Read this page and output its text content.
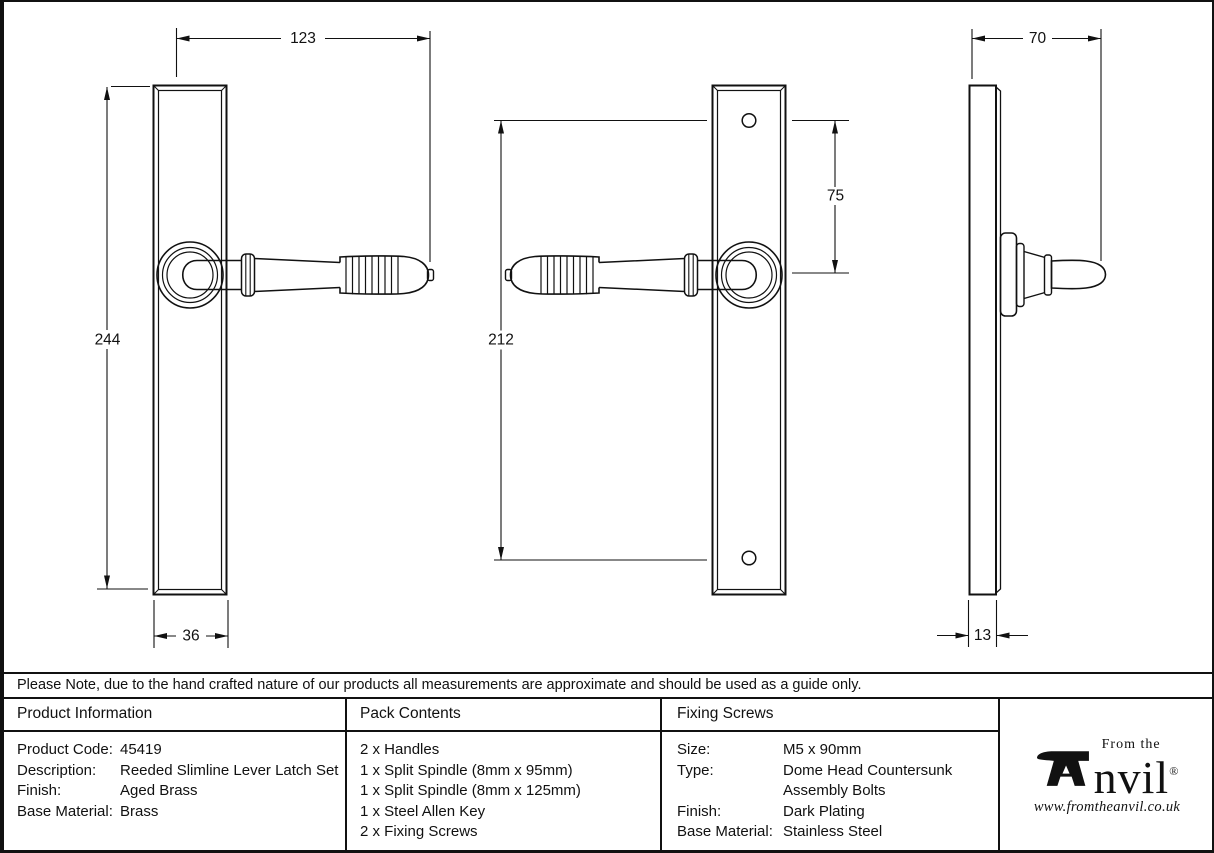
123
244
36
212
75
70
13
Please Note, due to the hand crafted nature of our products all measurements are approximate and should be used as a guide only.
Product Information
Product Code: 45419
Description:	Reeded Slimline Lever Latch Set
Finish:	Aged Brass
Base Material: Brass
Pack Contents
2 x Handles
1 x Split Spindle (8mm x 95mm)
1 x Split Spindle (8mm x 125mm)
1 x Steel Allen Key
2 x Fixing Screws
Fixing Screws
Size:	M5 x 90mm
Type:	Dome Head Countersunk
Assembly Bolts
Finish:	Dark Plating
Base Material: Stainless Steel
From the
nvil®
www.fromtheanvil.co.uk
